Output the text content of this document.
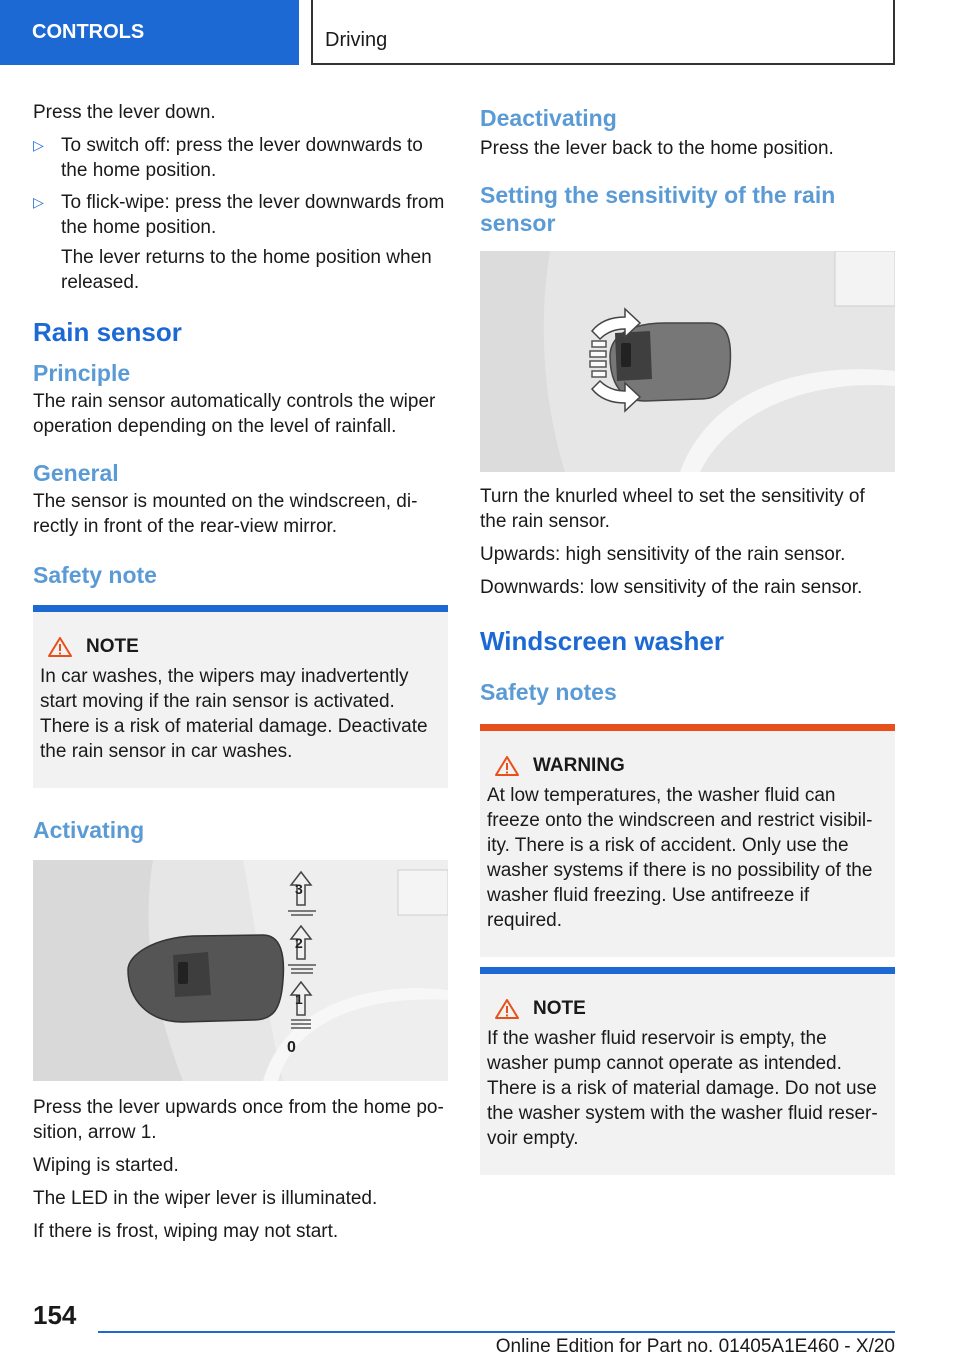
CONTROLS	Driving

Press the lever down.

▷ To switch off: press the lever downwards to the home position.

▷ To flick-wipe: press the lever downwards from the home position.

The lever returns to the home position when released.

Rain sensor
Principle

The rain sensor automatically controls the wiper operation depending on the level of rainfall.

General

The sensor is mounted on the windscreen, di‐rectly in front of the rear-view mirror.

Safety note
NOTE

In car washes, the wipers may inadvertently start moving if the rain sensor is activated. There is a risk of material damage. Deactivate the rain sensor in car washes.

Activating
3
2
1
0

Press the lever upwards once from the home po‐sition, arrow 1.

Wiping is started.

The LED in the wiper lever is illuminated.

If there is frost, wiping may not start.

Deactivating

Press the lever back to the home position.

Setting the sensitivity of the rain sensor

Turn the knurled wheel to set the sensitivity of the rain sensor.

Upwards: high sensitivity of the rain sensor.

Downwards: low sensitivity of the rain sensor.

Windscreen washer
Safety notes
WARNING

At low temperatures, the washer fluid can freeze onto the windscreen and restrict visibil‐ity. There is a risk of accident. Only use the washer systems if there is no possibility of the washer fluid freezing. Use antifreeze if required.

NOTE

If the washer fluid reservoir is empty, the washer pump cannot operate as intended. There is a risk of material damage. Do not use the washer system with the washer fluid reser‐voir empty.

154
Online Edition for Part no. 01405A1E460 - X/20
